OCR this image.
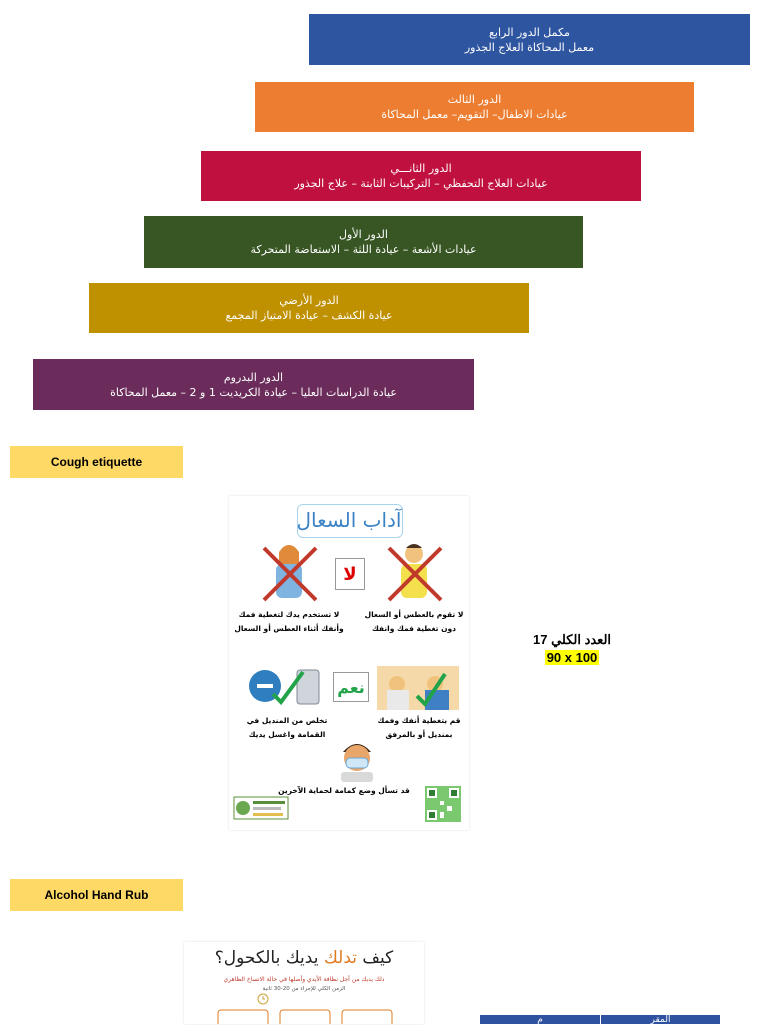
مكمل الدور الرابع
معمل المحاكاة العلاج الجذور
الدور الثالث
عيادات الاطفال– التقويم– معمل المحاكاة
الدور الثانـــي
عيادات العلاج التحفظي – التركيبات الثابتة – علاج الجذور
الدور الأول
عيادات الأشعة – عيادة اللثة – الاستعاضة المتحركة
الدور الأرضي
عيادة الكشف – عيادة الامتياز المجمع
الدور البدروم
عيادة الدراسات العليا – عيادة الكريديت 1 و 2 – معمل المحاكاة
Cough etiquette
آداب السعال
لا
لا تقوم بالعطس أو السعال دون تغطية فمك وانفك
لا تستخدم يدك لتغطية فمك وأنفك أثناء العطس أو السعال
نعم
قم بتغطية أنفك وفمك بمنديل أو بالمرفق
تخلص من المنديل في القمامة واغسل يديك
قد تسأل وضع كمامة لحماية الآخرين
العدد الكلي 17
90 x 100
Alcohol Hand Rub
كيف تدلك يديك بالكحول؟
دلك يديك من أجل نظافة الأيدي وأصلها في حالة الاتساخ الظاهري
الزمن الكلي للإجراء من 20-30 ثانية
م	المقر
